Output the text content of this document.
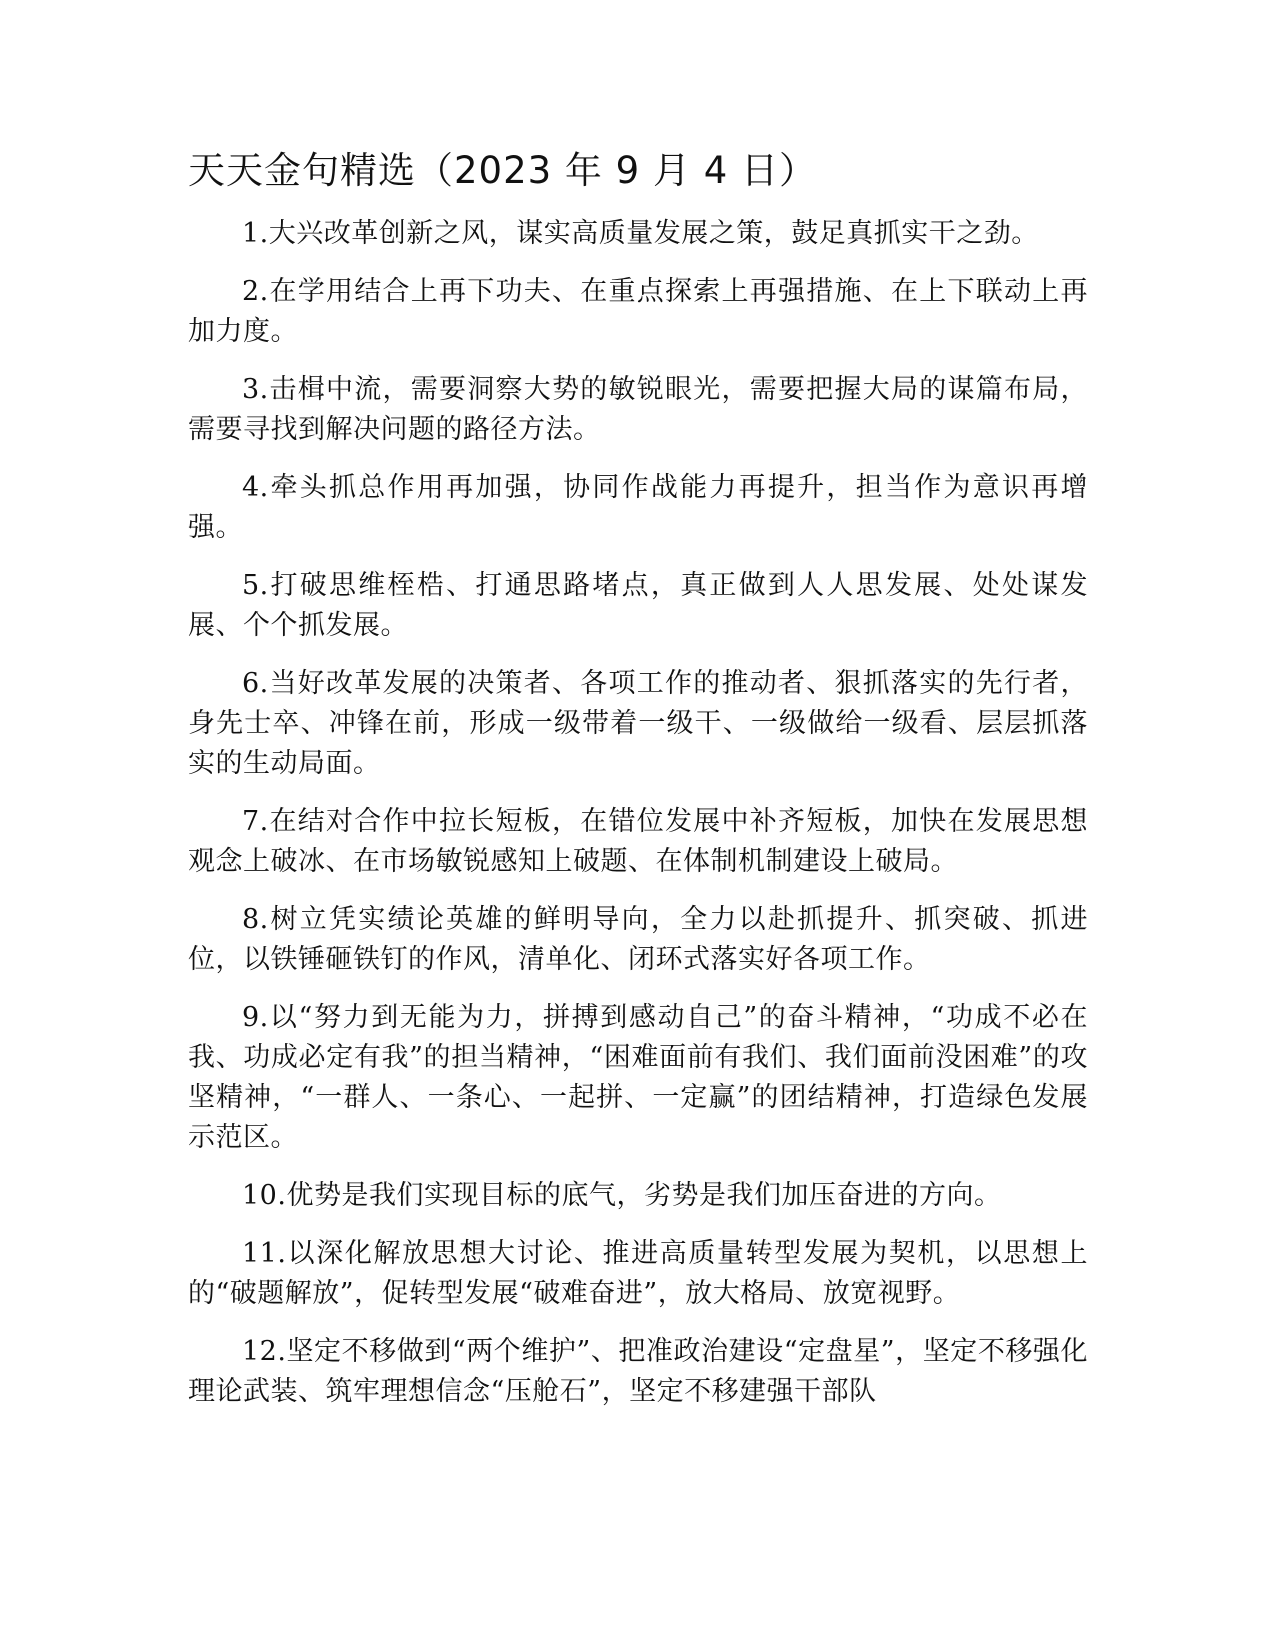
天天金句精选（2023 年 9 月 4 日）

1.大兴改革创新之风，谋实高质量发展之策，鼓足真抓实干之劲。

2.在学用结合上再下功夫、在重点探索上再强措施、在上下联动上再加力度。

3.击楫中流，需要洞察大势的敏锐眼光，需要把握大局的谋篇布局，需要寻找到解决问题的路径方法。

4.牵头抓总作用再加强，协同作战能力再提升，担当作为意识再增强。

5.打破思维桎梏、打通思路堵点，真正做到人人思发展、处处谋发展、个个抓发展。

6.当好改革发展的决策者、各项工作的推动者、狠抓落实的先行者，身先士卒、冲锋在前，形成一级带着一级干、一级做给一级看、层层抓落实的生动局面。

7.在结对合作中拉长短板，在错位发展中补齐短板，加快在发展思想观念上破冰、在市场敏锐感知上破题、在体制机制建设上破局。

8.树立凭实绩论英雄的鲜明导向，全力以赴抓提升、抓突破、抓进位，以铁锤砸铁钉的作风，清单化、闭环式落实好各项工作。

9.以“努力到无能为力，拼搏到感动自己”的奋斗精神，“功成不必在我、功成必定有我”的担当精神，“困难面前有我们、我们面前没困难”的攻坚精神，“一群人、一条心、一起拼、一定赢”的团结精神，打造绿色发展示范区。

10.优势是我们实现目标的底气，劣势是我们加压奋进的方向。

11.以深化解放思想大讨论、推进高质量转型发展为契机，以思想上的“破题解放”，促转型发展“破难奋进”，放大格局、放宽视野。

12.坚定不移做到“两个维护”、把准政治建设“定盘星”，坚定不移强化理论武装、筑牢理想信念“压舱石”，坚定不移建强干部队
